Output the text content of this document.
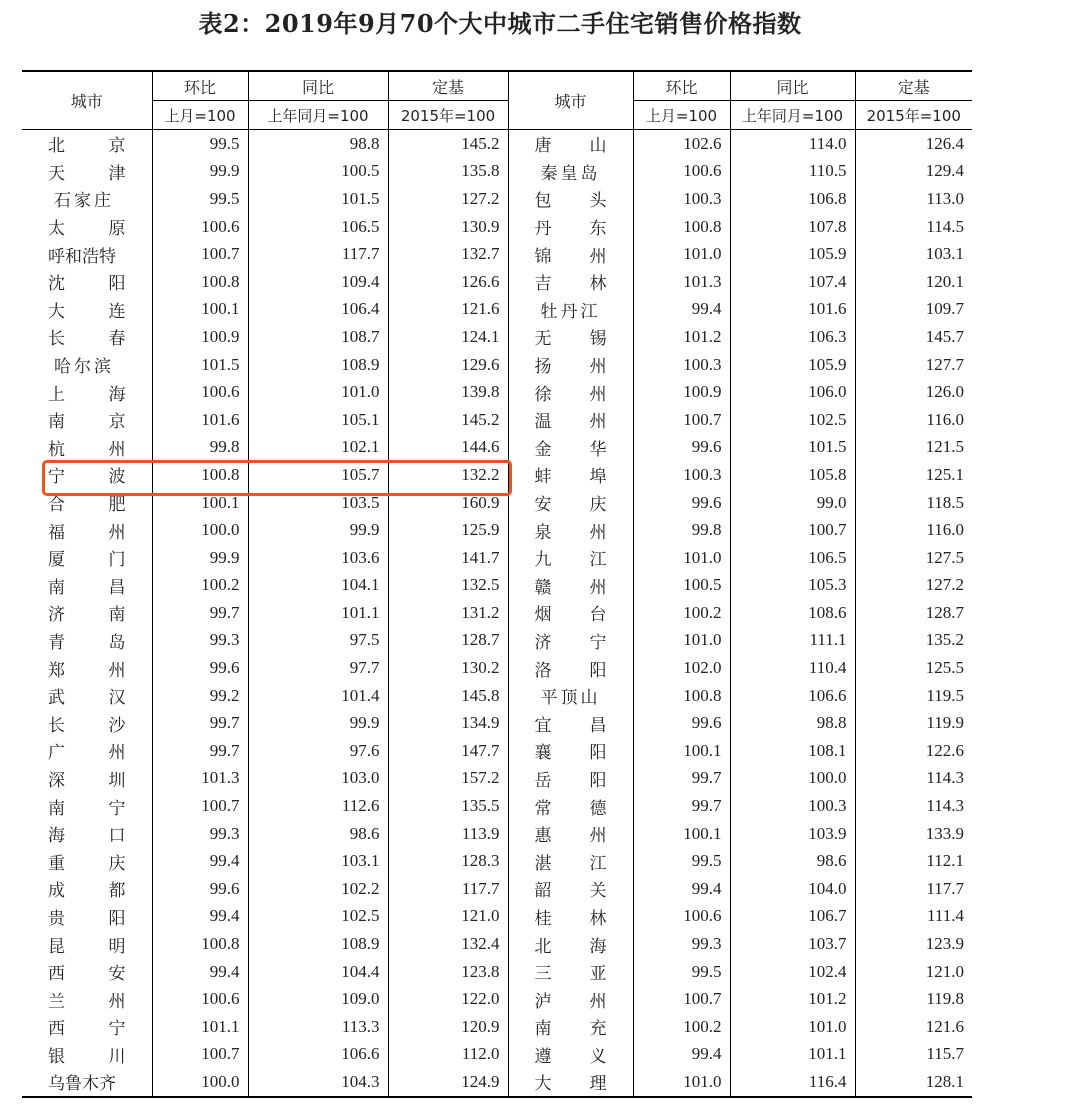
表2：2019年9月70个大中城市二手住宅销售价格指数
城市	环比	同比	定基	城市	环比	同比	定基
	上月=100	上年同月=100	2015年=100		上月=100	上年同月=100	2015年=100

北 京	99.5	98.8	145.2	唐 山	102.6	114.0	126.4

天 津	99.9	100.5	135.8	秦皇岛	100.6	110.5	129.4
石家庄	99.5	101.5	127.2	包 头	100.3	106.8	113.0

太 原	100.6	106.5	130.9	丹 东	100.8	107.8	114.5
呼和浩特	100.7	117.7	132.7	锦 州	101.0	105.9	103.1

沈 阳	100.8	109.4	126.6	吉 林	101.3	107.4	120.1

大 连	100.1	106.4	121.6	牡丹江	99.4	101.6	109.7

长 春	100.9	108.7	124.1	无 锡	101.2	106.3	145.7
哈尔滨	101.5	108.9	129.6	扬 州	100.3	105.9	127.7

上 海	100.6	101.0	139.8	徐 州	100.9	106.0	126.0

南 京	101.6	105.1	145.2	温 州	100.7	102.5	116.0

杭 州	99.8	102.1	144.6	金 华	99.6	101.5	121.5

宁 波	100.8	105.7	132.2	蚌 埠	100.3	105.8	125.1

合 肥	100.1	103.5	160.9	安 庆	99.6	99.0	118.5

福 州	100.0	99.9	125.9	泉 州	99.8	100.7	116.0

厦 门	99.9	103.6	141.7	九 江	101.0	106.5	127.5

南 昌	100.2	104.1	132.5	赣 州	100.5	105.3	127.2

济 南	99.7	101.1	131.2	烟 台	100.2	108.6	128.7

青 岛	99.3	97.5	128.7	济 宁	101.0	111.1	135.2

郑 州	99.6	97.7	130.2	洛 阳	102.0	110.4	125.5

武 汉	99.2	101.4	145.8	平顶山	100.8	106.6	119.5

长 沙	99.7	99.9	134.9	宜 昌	99.6	98.8	119.9

广 州	99.7	97.6	147.7	襄 阳	100.1	108.1	122.6

深 圳	101.3	103.0	157.2	岳 阳	99.7	100.0	114.3

南 宁	100.7	112.6	135.5	常 德	99.7	100.3	114.3

海 口	99.3	98.6	113.9	惠 州	100.1	103.9	133.9

重 庆	99.4	103.1	128.3	湛 江	99.5	98.6	112.1

成 都	99.6	102.2	117.7	韶 关	99.4	104.0	117.7

贵 阳	99.4	102.5	121.0	桂 林	100.6	106.7	111.4

昆 明	100.8	108.9	132.4	北 海	99.3	103.7	123.9

西 安	99.4	104.4	123.8	三 亚	99.5	102.4	121.0

兰 州	100.6	109.0	122.0	泸 州	100.7	101.2	119.8

西 宁	101.1	113.3	120.9	南 充	100.2	101.0	121.6

银 川	100.7	106.6	112.0	遵 义	99.4	101.1	115.7
乌鲁木齐	100.0	104.3	124.9	大 理	101.0	116.4	128.1
